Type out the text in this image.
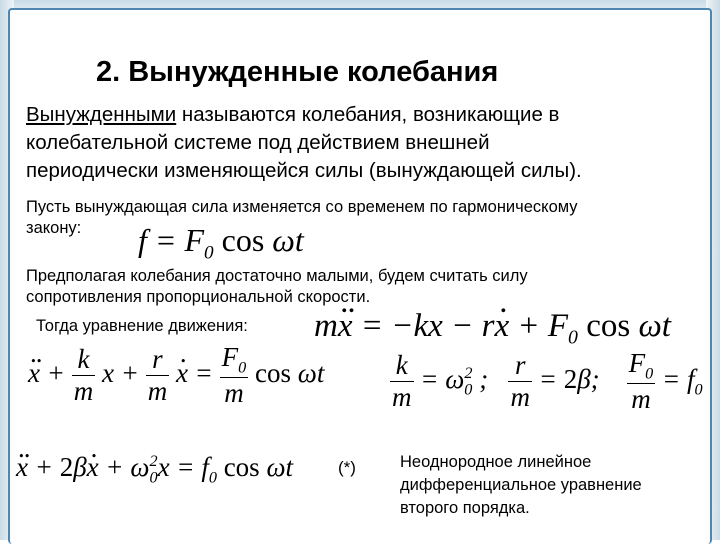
2. Вынужденные колебания
Вынужденными называются колебания, возникающие в
колебательной системе под действием внешней
периодически изменяющейся силы (вынуждающей силы).
Пусть вынуждающая сила изменяется со временем по гармоническому
закону: $f = F_0$ cos ωt
Предполагая колебания достаточно малыми, будем считать силу
сопротивления пропорциональной скорости.
Тогда уравнение движения: m.. x = −kx − r. $x + F_0$ cos ωt
.. $x + \frac{k}{m}$ $x + \frac{r}{m}$
. $x = \frac{F_0}{m}$ cos ωt $\frac{k}{m} = \omega_0^2$ ; $\frac{r}{m} = 2\beta$; $\frac{F_0}{m} = f_0$
.. x + 2β. $x + \omega_0^2x = f_0$ cos ωt	(*)	Неоднородное линейное
дифференциальное уравнение
второго порядка.
